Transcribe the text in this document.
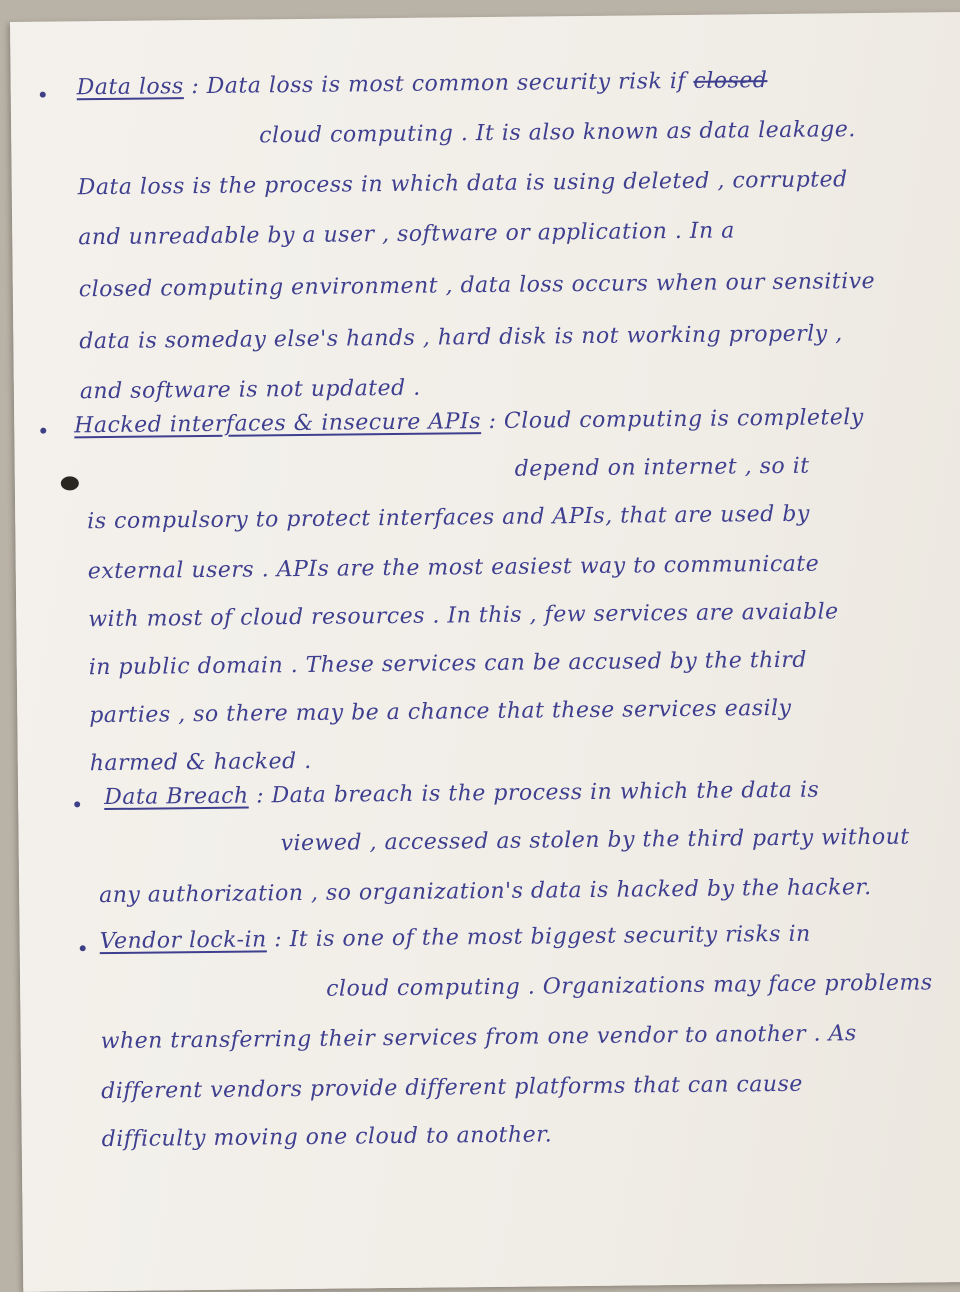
Data loss : Data loss is most common security risk if closed
cloud computing . It is also known as data leakage.
Data loss is the process in which data is using deleted , corrupted
and unreadable by a user , software or application . In a
closed computing environment , data loss occurs when our sensitive
data is someday else's hands , hard disk is not working properly ,
and software is not updated .
Hacked interfaces & insecure APIs : Cloud computing is completely
depend on internet , so it
is compulsory to protect interfaces and APIs, that are used by
external users . APIs are the most easiest way to communicate
with most of cloud resources . In this , few services are avaiable
in public domain . These services can be accused by the third
parties , so there may be a chance that these services easily
harmed & hacked .
Data Breach : Data breach is the process in which the data is
viewed , accessed as stolen by the third party without
any authorization , so organization's data is hacked by the hacker.
Vendor lock-in : It is one of the most biggest security risks in
cloud computing . Organizations may face problems
when transferring their services from one vendor to another . As
different vendors provide different platforms that can cause
difficulty moving one cloud to another.
